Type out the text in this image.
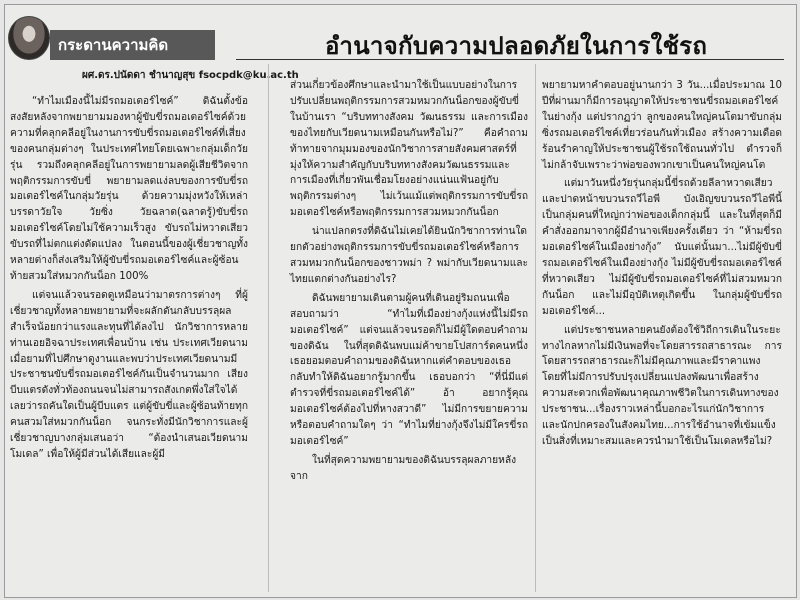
กระดานความคิด	อำนาจกับความปลอดภัยในการใช้รถ
ผศ.ดร.ปนัดดา ชำนาญสุข fsocpdk@ku.ac.th

“ทำไมเมืองนี้ไม่มีรถมอเตอร์ไซค์” ดิฉันตั้งข้อสงสัยหลังจากพยายามมองหาผู้ขับขี่รถมอเตอร์ไซค์ด้วยความที่คลุกคลีอยู่ในงานการขับขี่รถมอเตอร์ไซค์ที่เสี่ยงของคนกลุ่มต่างๆ ในประเทศไทยโดยเฉพาะกลุ่มเด็กวัยรุ่น รวมถึงคลุกคลีอยู่ในการพยายามลดผู้เสียชีวิตจากพฤติกรรมการขับขี่ พยายามลดแง่ลบของการขับขี่รถมอเตอร์ไซค์ในกลุ่มวัยรุ่น ด้วยความมุ่งหวังให้เหล่าบรรดาวัยใจ วัยซิ่ง วัยฉลาด(ฉลาดรู้)ขับขี่รถมอเตอร์ไซค์โดยไม่ใช้ความเร็วสูง ขับรถไม่หวาดเสียว ขับรถที่ไม่ตกแต่งดัดแปลง ในตอนนี้ของผู้เชี่ยวชาญทั้งหลายต่างก็ส่งเสริมให้ผู้ขับขี่รถมอเตอร์ไซค์และผู้ซ้อนท้ายสวมใส่หมวกกันน็อก 100%

แต่จนแล้วจนรอดดูเหมือนว่ามาตรการต่างๆ ที่ผู้เชี่ยวชาญทั้งหลายพยายามที่จะผลักดันกลับบรรลุผลสำเร็จน้อยกว่าแรงและทุนที่ได้ลงไป นักวิชาการหลายท่านเอยอิจฉาประเทศเพื่อนบ้าน เช่น ประเทศเวียดนาม เมื่อยามที่ไปศึกษาดูงานและพบว่าประเทศเวียดนามมีประชาชนขับขี่รถมอเตอร์ไซค์กันเป็นจำนวนมาก เสียงบีบแตรดังทั่วท้องถนนจนไม่สามารถสังเกตพึ่งใส่ใจได้เลยว่ารถคันใดเป็นผู้บีบแตร แต่ผู้ขับขี่และผู้ซ้อนท้ายทุกคนสวมใส่หมวกกันน็อก จนกระทั่งมีนักวิชาการและผู้เชี่ยวชาญบางกลุ่มเสนอว่า “ต้องนำเสนอเวียดนามโมเดล” เพื่อให้ผู้มีส่วนได้เสียและผู้มี

ส่วนเกี่ยวข้องศึกษาและนำมาใช้เป็นแบบอย่างในการปรับเปลี่ยนพฤติกรรมการสวมหมวกกันน็อกของผู้ขับขี่ในบ้านเรา “บริบททางสังคม วัฒนธรรม และการเมืองของไทยกับเวียดนามเหมือนกันหรือไม่?” คือคำถามท้าทายจากมุมมองของนักวิชาการสายสังคมศาสตร์ที่มุ่งให้ความสำคัญกับบริบททางสังคมวัฒนธรรมและการเมืองที่เกี่ยวพันเชื่อมโยงอย่างแน่นแฟ้นอยู่กับพฤติกรรมต่างๆ ไม่เว้นแม้แต่พฤติกรรมการขับขี่รถมอเตอร์ไซค์หรือพฤติกรรมการสวมหมวกกันน็อก

น่าแปลกตรงที่ดิฉันไม่เคยได้ยินนักวิชาการท่านใดยกตัวอย่างพฤติกรรมการขับขี่รถมอเตอร์ไซค์หรือการสวมหมวกกันน็อกของชาวพม่า ? พม่ากับเวียดนามและไทยแตกต่างกันอย่างไร?

ดิฉันพยายามเดินตามผู้คนที่เดินอยู่ริมถนนเพื่อสอบถามว่า “ทำไมที่เมืองย่างกุ้งแห่งนี้ไม่มีรถมอเตอร์ไซค์” แต่จนแล้วจนรอดก็ไม่มีผู้ใดตอบคำถามของดิฉัน ในที่สุดดิฉันพบแม่ค้าขายโปสการ์ดคนหนึ่งเธอยอมตอบคำถามของดิฉันหากแต่คำตอบของเธอกลับทำให้ดิฉันอยากรู้มากขึ้น เธอบอกว่า “ที่นี่มีแต่ตำรวจที่ขี่รถมอเตอร์ไซค์ได้” อ้า อยากรู้คุณมอเตอร์ไซค์ต้องไปที่หางสวาดี” ไม่มีการขยายความหรือตอบคำถามใดๆ ว่า “ทำไมที่ย่างกุ้งจึงไม่มีใครขี่รถมอเตอร์ไซค์”

ในที่สุดความพยายามของดิฉันบรรลุผลภายหลังจาก

พยายามหาคำตอบอยู่นานกว่า 3 วัน...เมื่อประมาณ 10 ปีที่ผ่านมาก็มีการอนุญาตให้ประชาชนขี่รถมอเตอร์ไซค์ในย่างกุ้ง แต่ปรากฏว่า ลูกของคนใหญ่คนโตมาขับกลุ่มซิ่งรถมอเตอร์ไซค์เที่ยวร่อนกันทั่วเมือง สร้างความเดือดร้อนรำคาญให้ประชาชนผู้ใช้รถใช้ถนนทั่วไป ตำรวจก็ไม่กล้าจับเพราะว่าพ่อของพวกเขาเป็นคนใหญ่คนโต

แต่มาวันหนึ่งวัยรุ่นกลุ่มนี้ขี่รถด้วยลีลาหวาดเสียวและปาดหน้าขบวนรถวีไอพี บังเอิญขบวนรถวีไอพีนี้เป็นกลุ่มคนที่ใหญ่กว่าพ่อของเด็กกลุ่มนี้ และในที่สุดก็มี คำสั่งออกมาจากผู้มีอำนาจเพียงครั้งเดียว ว่า “ห้ามขี่รถมอเตอร์ไซค์ในเมืองย่างกุ้ง” นับแต่นั้นมา...ไม่มีผู้ขับขี่รถมอเตอร์ไซค์ในเมืองย่างกุ้ง ไม่มีผู้ขับขี่รถมอเตอร์ไซค์ที่หวาดเสียว ไม่มีผู้ขับขี่รถมอเตอร์ไซค์ที่ไม่สวมหมวกกันน็อก และไม่มีอุบัติเหตุเกิดขึ้น ในกลุ่มผู้ขับขี่รถมอเตอร์ไซค์...

แต่ประชาชนหลายคนยังต้องใช้วิถีการเดินในระยะทางไกลหากไม่มีเงินพอที่จะโดยสารรถสาธารณะ การโดยสารรถสาธารณะก็ไม่มีคุณภาพและมีราคาแพง โดยที่ไม่มีการปรับปรุงเปลี่ยนแปลงพัฒนาเพื่อสร้างความสะดวกเพื่อพัฒนาคุณภาพชีวิตในการเดินทางของประชาชน...เรื่องราวเหล่านี้บอกอะไรแก่นักวิชาการและนักปกครองในสังคมไทย...การใช้อำนาจที่เข้มแข็งเป็นสิ่งที่เหมาะสมและควรนำมาใช้เป็นโมเดลหรือไม่?
